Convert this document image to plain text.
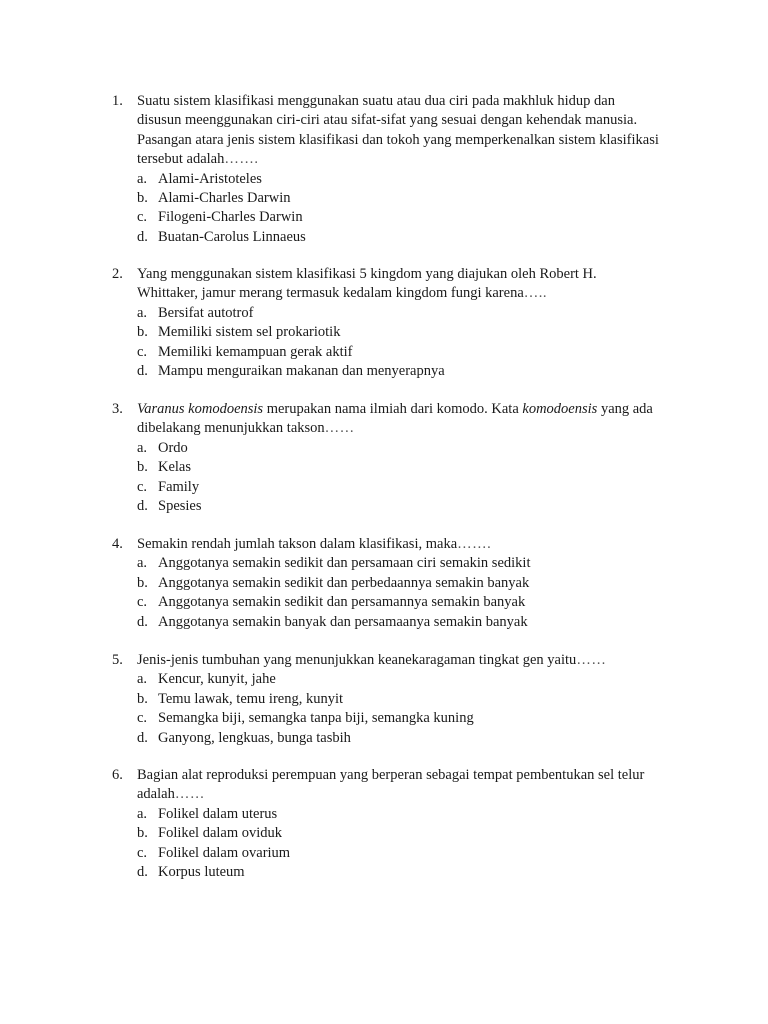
1. Suatu sistem klasifikasi menggunakan suatu atau dua ciri pada makhluk hidup dan
disusun meenggunakan ciri-ciri atau sifat-sifat yang sesuai dengan kehendak manusia.
Pasangan atara jenis sistem klasifikasi dan tokoh yang memperkenalkan sistem klasifikasi
tersebut adalah…….
a. Alami-Aristoteles
b. Alami-Charles Darwin
c. Filogeni-Charles Darwin
d. Buatan-Carolus Linnaeus
2. Yang menggunakan sistem klasifikasi 5 kingdom yang diajukan oleh Robert H.
Whittaker, jamur merang termasuk kedalam kingdom fungi karena…..
a. Bersifat autotrof
b. Memiliki sistem sel prokariotik
c. Memiliki kemampuan gerak aktif
d. Mampu menguraikan makanan dan menyerapnya
3. Varanus komodoensis merupakan nama ilmiah dari komodo. Kata komodoensis yang ada
dibelakang menunjukkan takson……
a. Ordo
b. Kelas
c. Family
d. Spesies
4. Semakin rendah jumlah takson dalam klasifikasi, maka…….
a. Anggotanya semakin sedikit dan persamaan ciri semakin sedikit
b. Anggotanya semakin sedikit dan perbedaannya semakin banyak
c. Anggotanya semakin sedikit dan persamannya semakin banyak
d. Anggotanya semakin banyak dan persamaanya semakin banyak
5. Jenis-jenis tumbuhan yang menunjukkan keanekaragaman tingkat gen yaitu……
a. Kencur, kunyit, jahe
b. Temu lawak, temu ireng, kunyit
c. Semangka biji, semangka tanpa biji, semangka kuning
d. Ganyong, lengkuas, bunga tasbih
6. Bagian alat reproduksi perempuan yang berperan sebagai tempat pembentukan sel telur
adalah……
a. Folikel dalam uterus
b. Folikel dalam oviduk
c. Folikel dalam ovarium
d. Korpus luteum
